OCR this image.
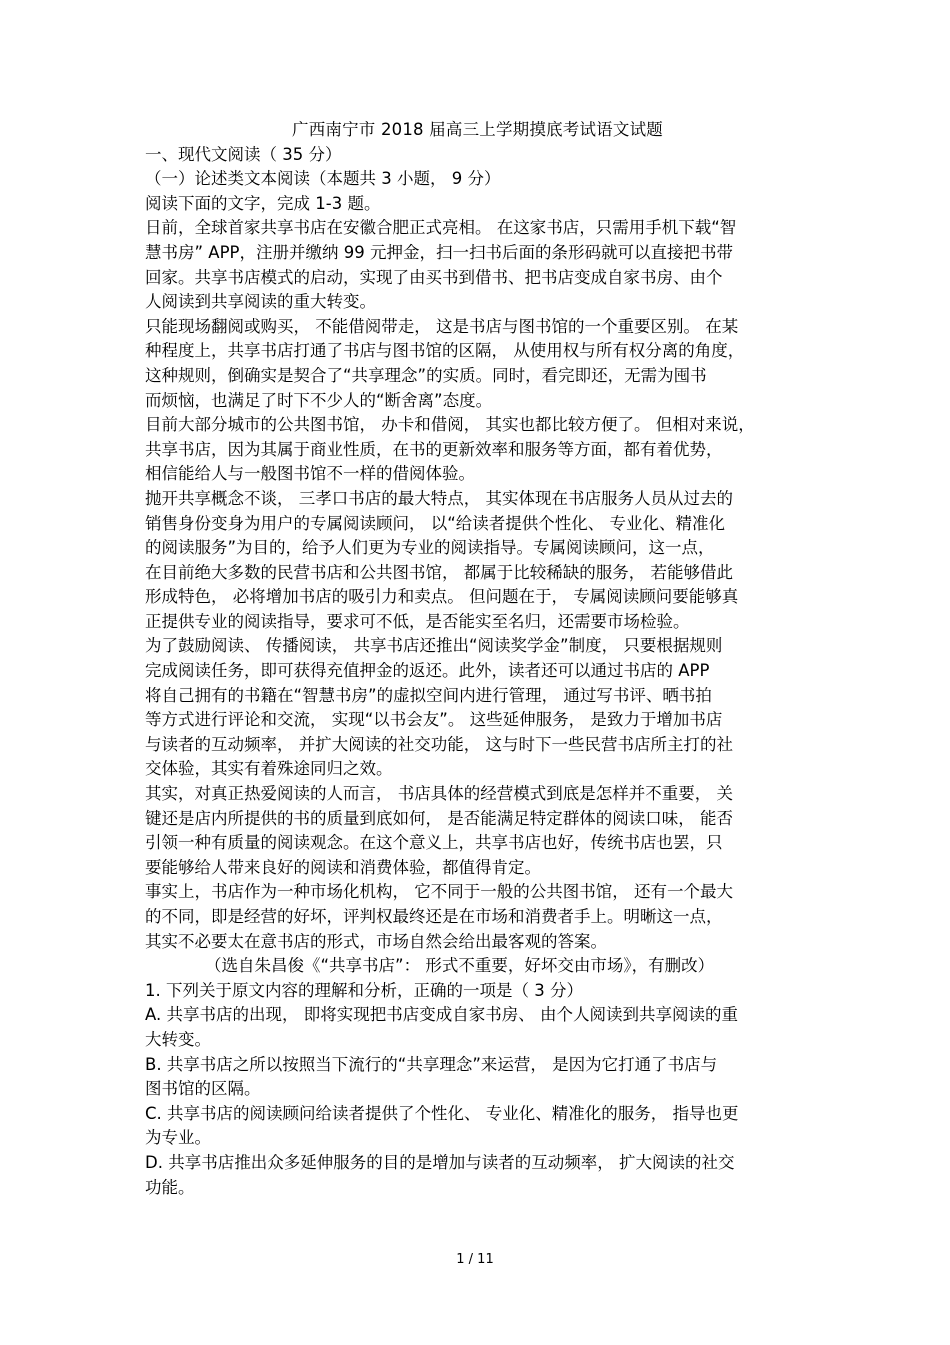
广西南宁市 2018 届高三上学期摸底考试语文试题
一、现代文阅读（ 35 分）
（一）论述类文本阅读（本题共 3 小题， 9 分）
阅读下面的文字，完成 1-3 题。
日前，全球首家共享书店在安徽合肥正式亮相。 在这家书店，只需用手机下载“智
慧书房” APP，注册并缴纳 99 元押金，扫一扫书后面的条形码就可以直接把书带
回家。共享书店模式的启动，实现了由买书到借书、把书店变成自家书房、由个
人阅读到共享阅读的重大转变。
只能现场翻阅或购买， 不能借阅带走， 这是书店与图书馆的一个重要区别。 在某
种程度上，共享书店打通了书店与图书馆的区隔， 从使用权与所有权分离的角度，
这种规则，倒确实是契合了“共享理念”的实质。同时，看完即还，无需为囤书
而烦恼，也满足了时下不少人的“断舍离”态度。
目前大部分城市的公共图书馆， 办卡和借阅， 其实也都比较方便了。 但相对来说，
共享书店，因为其属于商业性质，在书的更新效率和服务等方面，都有着优势，
相信能给人与一般图书馆不一样的借阅体验。
抛开共享概念不谈， 三孝口书店的最大特点， 其实体现在书店服务人员从过去的
销售身份变身为用户的专属阅读顾问， 以“给读者提供个性化、 专业化、精准化
的阅读服务”为目的，给予人们更为专业的阅读指导。专属阅读顾问，这一点，
在目前绝大多数的民营书店和公共图书馆， 都属于比较稀缺的服务， 若能够借此
形成特色， 必将增加书店的吸引力和卖点。 但问题在于， 专属阅读顾问要能够真
正提供专业的阅读指导，要求可不低，是否能实至名归，还需要市场检验。
为了鼓励阅读、 传播阅读， 共享书店还推出“阅读奖学金”制度， 只要根据规则
完成阅读任务，即可获得充值押金的返还。此外，读者还可以通过书店的 APP
将自己拥有的书籍在“智慧书房”的虚拟空间内进行管理， 通过写书评、晒书拍
等方式进行评论和交流， 实现“以书会友”。 这些延伸服务， 是致力于增加书店
与读者的互动频率， 并扩大阅读的社交功能， 这与时下一些民营书店所主打的社
交体验，其实有着殊途同归之效。
其实，对真正热爱阅读的人而言， 书店具体的经营模式到底是怎样并不重要， 关
键还是店内所提供的书的质量到底如何， 是否能满足特定群体的阅读口味， 能否
引领一种有质量的阅读观念。在这个意义上，共享书店也好，传统书店也罢，只
要能够给人带来良好的阅读和消费体验，都值得肯定。
事实上，书店作为一种市场化机构， 它不同于一般的公共图书馆， 还有一个最大
的不同，即是经营的好坏，评判权最终还是在市场和消费者手上。明晰这一点，
其实不必要太在意书店的形式，市场自然会给出最客观的答案。
（选自朱昌俊《“共享书店”： 形式不重要，好坏交由市场》，有删改）
1. 下列关于原文内容的理解和分析，正确的一项是（ 3 分）
A. 共享书店的出现， 即将实现把书店变成自家书房、 由个人阅读到共享阅读的重
大转变。
B. 共享书店之所以按照当下流行的“共享理念”来运营， 是因为它打通了书店与
图书馆的区隔。
C. 共享书店的阅读顾问给读者提供了个性化、 专业化、精准化的服务， 指导也更
为专业。
D. 共享书店推出众多延伸服务的目的是增加与读者的互动频率， 扩大阅读的社交
功能。
1 / 11
